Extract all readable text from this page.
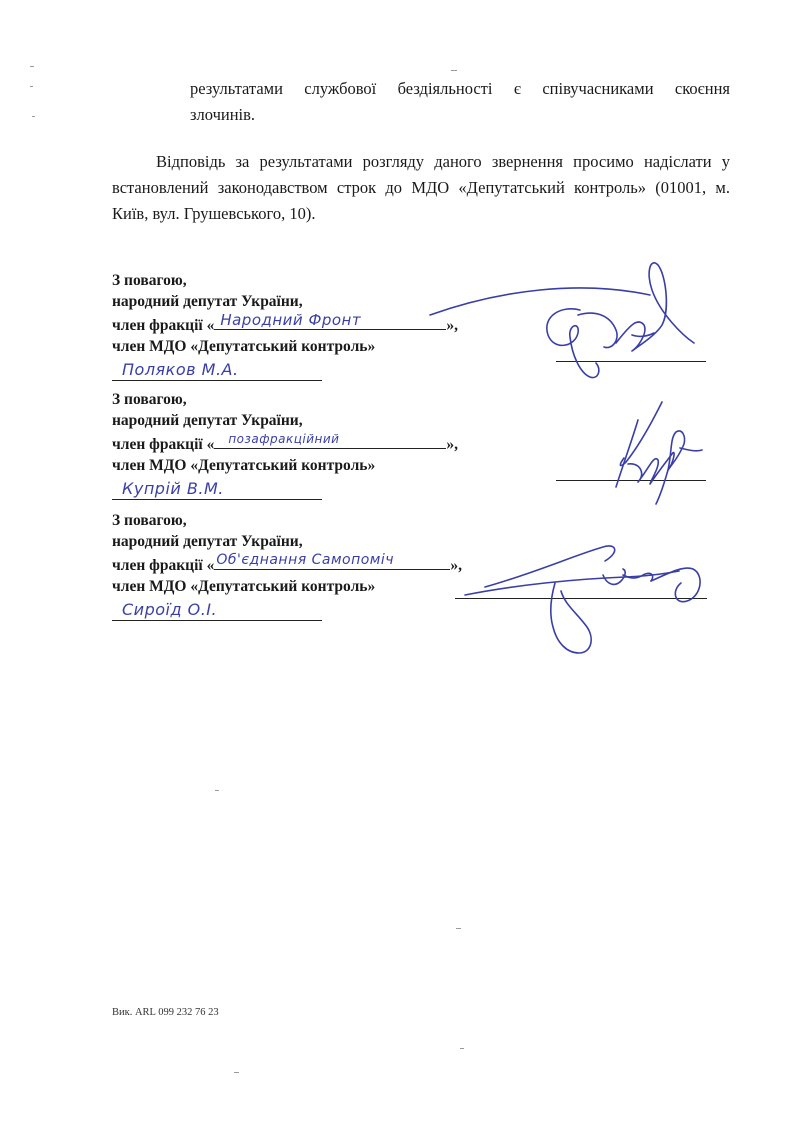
результатами службової бездіяльності є співучасниками скоєння
злочинів.
Відповідь за результатами розгляду даного звернення просимо надіслати у встановлений законодавством строк до МДО «Депутатський контроль» (01001, м.
Київ, вул. Грушевського, 10).
З повагою,
народний депутат України,
член фракції « Народний Фронт	»,
член МДО «Депутатський контроль»
Поляков М.А.
З повагою,
народний депутат України,
член фракції « позафракційний	»,
член МДО «Депутатський контроль»
Купрій В.М.
З повагою,
народний депутат України,
член фракції « Об'єднання Самопоміч	»,
член МДО «Депутатський контроль»
Сироїд О.І.
Вик. ARL 099 232 76 23
